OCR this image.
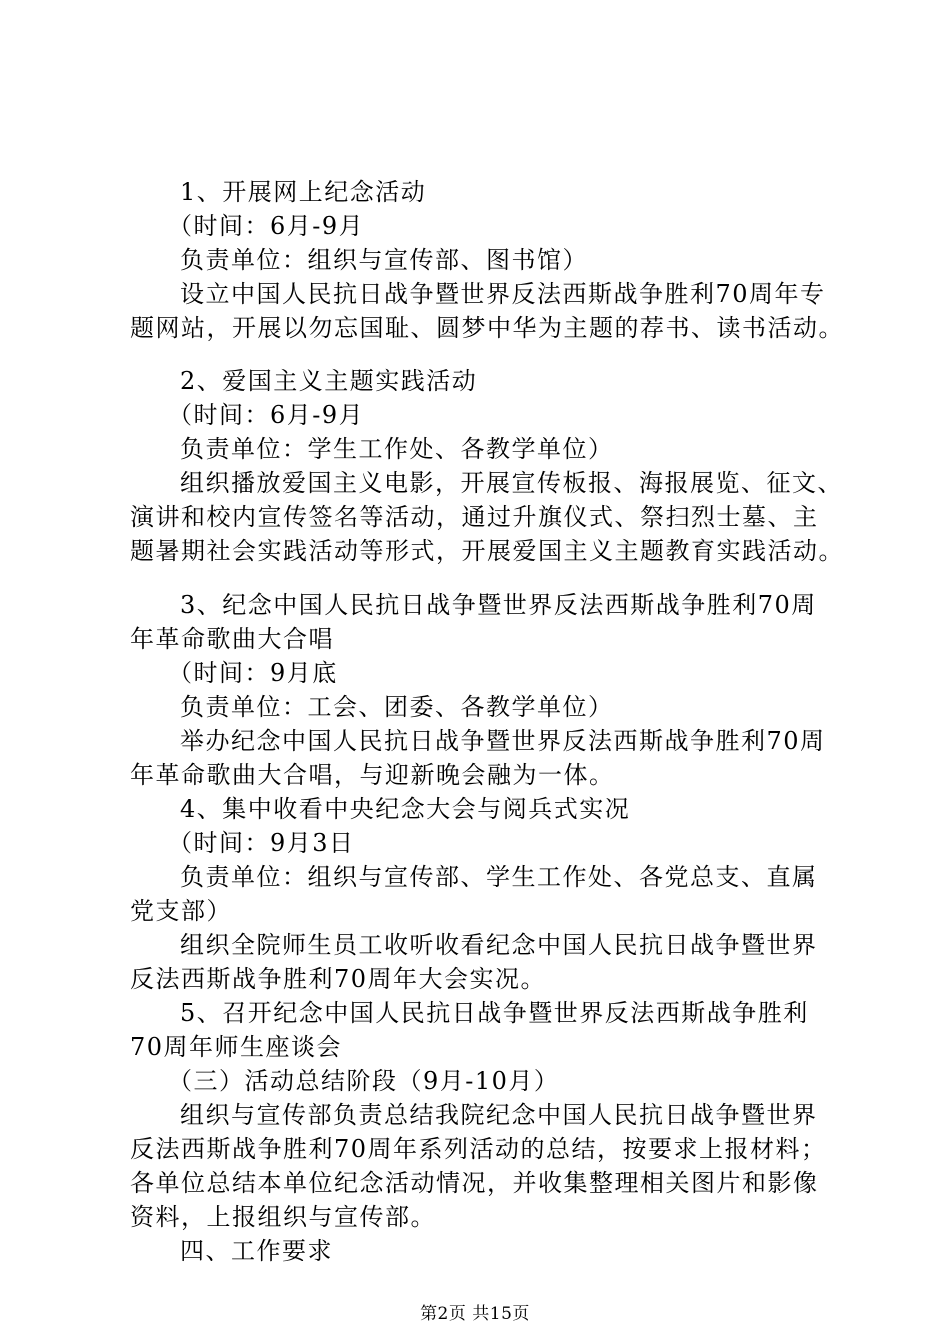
1、开展网上纪念活动
（时间：6月-9月
负责单位：组织与宣传部、图书馆）
设立中国人民抗日战争暨世界反法西斯战争胜利70周年专
题网站，开展以勿忘国耻、圆梦中华为主题的荐书、读书活动。
2、爱国主义主题实践活动
（时间：6月-9月
负责单位：学生工作处、各教学单位）
组织播放爱国主义电影，开展宣传板报、海报展览、征文、
演讲和校内宣传签名等活动，通过升旗仪式、祭扫烈士墓、主
题暑期社会实践活动等形式，开展爱国主义主题教育实践活动。
3、纪念中国人民抗日战争暨世界反法西斯战争胜利70周
年革命歌曲大合唱
（时间：9月底
负责单位：工会、团委、各教学单位）
举办纪念中国人民抗日战争暨世界反法西斯战争胜利70周
年革命歌曲大合唱，与迎新晚会融为一体。
4、集中收看中央纪念大会与阅兵式实况
（时间：9月3日
负责单位：组织与宣传部、学生工作处、各党总支、直属
党支部）
组织全院师生员工收听收看纪念中国人民抗日战争暨世界
反法西斯战争胜利70周年大会实况。
5、召开纪念中国人民抗日战争暨世界反法西斯战争胜利
70周年师生座谈会
（三）活动总结阶段（9月-10月）
组织与宣传部负责总结我院纪念中国人民抗日战争暨世界
反法西斯战争胜利70周年系列活动的总结，按要求上报材料；
各单位总结本单位纪念活动情况，并收集整理相关图片和影像
资料，上报组织与宣传部。
四、工作要求
第2页 共15页
